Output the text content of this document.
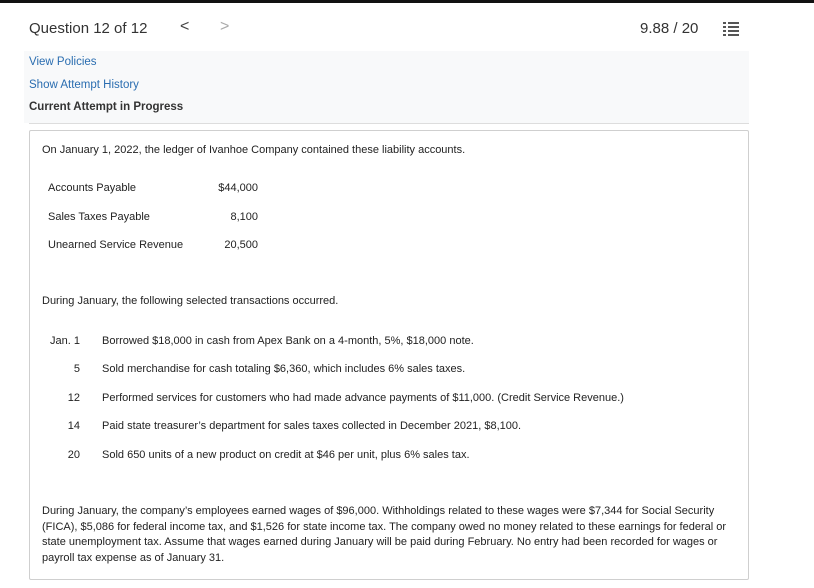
Question 12 of 12 < >	9.88 / 20
View Policies
Show Attempt History
Current Attempt in Progress
On January 1, 2022, the ledger of Ivanhoe Company contained these liability accounts.
Accounts Payable	$44,000
Sales Taxes Payable	8,100
Unearned Service Revenue	20,500
During January, the following selected transactions occurred.
Jan. 1 Borrowed $18,000 in cash from Apex Bank on a 4-month, 5%, $18,000 note.
5 Sold merchandise for cash totaling $6,360, which includes 6% sales taxes.
12 Performed services for customers who had made advance payments of $11,000. (Credit Service Revenue.)
14 Paid state treasurer’s department for sales taxes collected in December 2021, $8,100.
20 Sold 650 units of a new product on credit at $46 per unit, plus 6% sales tax.
During January, the company’s employees earned wages of $96,000. Withholdings related to these wages were $7,344 for Social Security (FICA), $5,086 for federal income tax, and $1,526 for state income tax. The company owed no money related to these earnings for federal or state unemployment tax. Assume that wages earned during January will be paid during February. No entry had been recorded for wages or payroll tax expense as of January 31.
